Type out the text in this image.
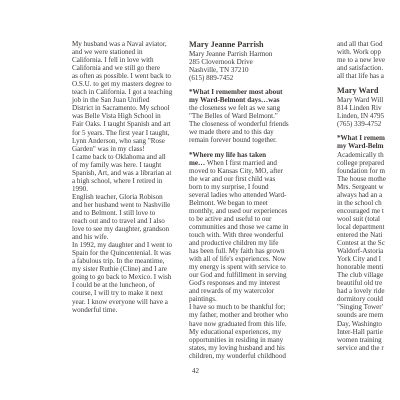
My husband was a Naval aviator,
and we were stationed in
California. I fell in love with
California and we still go there
as often as possible. I went back to
O.S.U. to get my masters degree to
teach in California. I got a teaching
job in the San Juan Unified
District in Sacramento. My school
was Belle Vista High School in
Fair Oaks. I taught Spanish and art
for 5 years. The first year I taught,
Lynn Anderson, who sang "Rose
Garden" was in my class!
I came back to Oklahoma and all
of my family was here. I taught
Spanish, Art, and was a librarian at
a high school, where I retired in
1990.
English teacher, Gloria Robison
and her husband went to Nashville
and to Belmont. I still love to
reach out and to travel and I also
love to see my daughter, grandson
and his wife.
In 1992, my daughter and I went to
Spain for the Quincentenial. It was
a fabulous trip. In the meantime,
my sister Ruthie (Cline) and I are
going to go back to Mexico. I wish
I could be at the luncheon, of
course, I will try to make it next
year. I know everyone will have a
wonderful time.
Mary Jeanne Parrish
Mary Jeanne Parrish Harmon
285 Clovernook Drive
Nashville, TN 37210
(615) 889-7452
*What I remember most about
my Ward-Belmont days…was
the closeness we felt as we sang
"The Belles of Ward Belmont."
The closeness of wonderful friends
we made there and to this day
remain forever bound together.
*Where my life has taken
me… When I first married and
moved to Kansas City, MO, after
the war and our first child was
born to my surprise, I found
several ladies who attended Ward-
Belmont. We began to meet
monthly, and used our experiences
to be active and useful to our
communities and those we came in
touch with. With three wonderful
and productive children my life
has been full. My faith has grown
with all of life's experiences. Now
my energy is spent with service to
our God and fulfillment in serving
God's responses and my interest
and rewards of my watercolor
paintings.
I have so much to be thankful for;
my father, mother and brother who
have now graduated from this life.
My educational experiences, my
opportunities in residing in many
states, my loving husband and his
children, my wonderful childhood
and all that God
with. Work opp
me to a new leve
and satisfaction.
all that life has a
Mary Ward
Mary Ward Will
814 Linden Riv
Linden, IN 4795
(765) 339-4752
*What I remem
my Ward-Belm
Academically th
college prepared
foundation for m
The house mothe
Mrs. Sergeant w
always had an a
in the school ch
encouraged me t
wool suit (total
local department
entered the Nati
Contest at the Sc
Waldorf-Astoria
York City and I
honorable menti
The club village
beautiful old tre
had a lovely ride
dormitory could
"Singing Tower'
sounds are mem
Day, Washingto
Inter-Hall partie
women training
service and the r
42
